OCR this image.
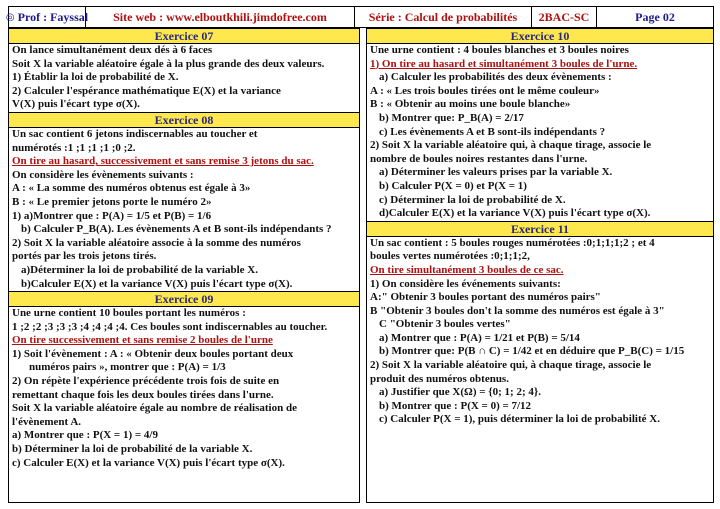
◎ Prof : Fayssal	Site web : www.elboutkhili.jimdofree.com	Série : Calcul de probabilités	2BAC-SC	Page 02
Exercice 07
On lance simultanément deux dés à 6 faces
Soit X la variable aléatoire égale à la plus grande des deux valeurs.
1) Établir la loi de probabilité de X.
2) Calculer l'espérance mathématique E(X) et la variance
V(X) puis l'écart type σ(X).
Exercice 08
Un sac contient 6 jetons indiscernables au toucher et
numérotés :1 ;1 ;1 ;1 ;0 ;2.
On tire au hasard, successivement et sans remise 3 jetons du sac.
On considère les évènements suivants :
A : « La somme des numéros obtenus est égale à 3»
B : « Le premier jetons porte le numéro 2»
1) a)Montrer que : P(A) = 1/5 et P(B) = 1/6
b) Calculer P_B(A). Les évènements A et B sont-ils indépendants ?
2) Soit X la variable aléatoire associe à la somme des numéros
portés par les trois jetons tirés.
a)Déterminer la loi de probabilité de la variable X.
b)Calculer E(X) et la variance V(X) puis l'écart type σ(X).
Exercice 09
Une urne contient 10 boules portant les numéros :
1 ;2 ;2 ;3 ;3 ;3 ;4 ;4 ;4 ;4. Ces boules sont indiscernables au toucher.
On tire successivement et sans remise 2 boules de l'urne
1) Soit l'évènement : A : « Obtenir deux boules portant deux
numéros pairs », montrer que : P(A) = 1/3
2) On répète l'expérience précédente trois fois de suite en
remettant chaque fois les deux boules tirées dans l'urne.
Soit X la variable aléatoire égale au nombre de réalisation de
l'évènement A.
a) Montrer que : P(X = 1) = 4/9
b) Déterminer la loi de probabilité de la variable X.
c) Calculer E(X) et la variance V(X) puis l'écart type σ(X).
Exercice 10
Une urne contient : 4 boules blanches et 3 boules noires
1) On tire au hasard et simultanément 3 boules de l'urne.
a) Calculer les probabilités des deux évènements :
A : « Les trois boules tirées ont le même couleur»
B : « Obtenir au moins une boule blanche»
b) Montrer que: P_B(A) = 2/17
c) Les évènements A et B sont-ils indépendants ?
2) Soit X la variable aléatoire qui, à chaque tirage, associe le
nombre de boules noires restantes dans l'urne.
a) Déterminer les valeurs prises par la variable X.
b) Calculer P(X = 0) et P(X = 1)
c) Déterminer la loi de probabilité de X.
d)Calculer E(X) et la variance V(X) puis l'écart type σ(X).
Exercice 11
Un sac contient : 5 boules rouges numérotées :0;1;1;1;2 ; et 4
boules vertes numérotées :0;1;1;2,
On tire simultanément 3 boules de ce sac.
1) On considère les événements suivants:
A:" Obtenir 3 boules portant des numéros pairs"
B "Obtenir 3 boules don't la somme des numéros est égale à 3"
C "Obtenir 3 boules vertes"
a) Montrer que : P(A) = 1/21 et P(B) = 5/14
b) Montrer que: P(B ∩ C) = 1/42 et en déduire que P_B(C) = 1/15
2) Soit X la variable aléatoire qui, à chaque tirage, associe le
produit des numéros obtenus.
a) Justifier que X(Ω) = {0; 1; 2; 4}.
b) Montrer que : P(X = 0) = 7/12
c) Calculer P(X = 1), puis déterminer la loi de probabilité X.
